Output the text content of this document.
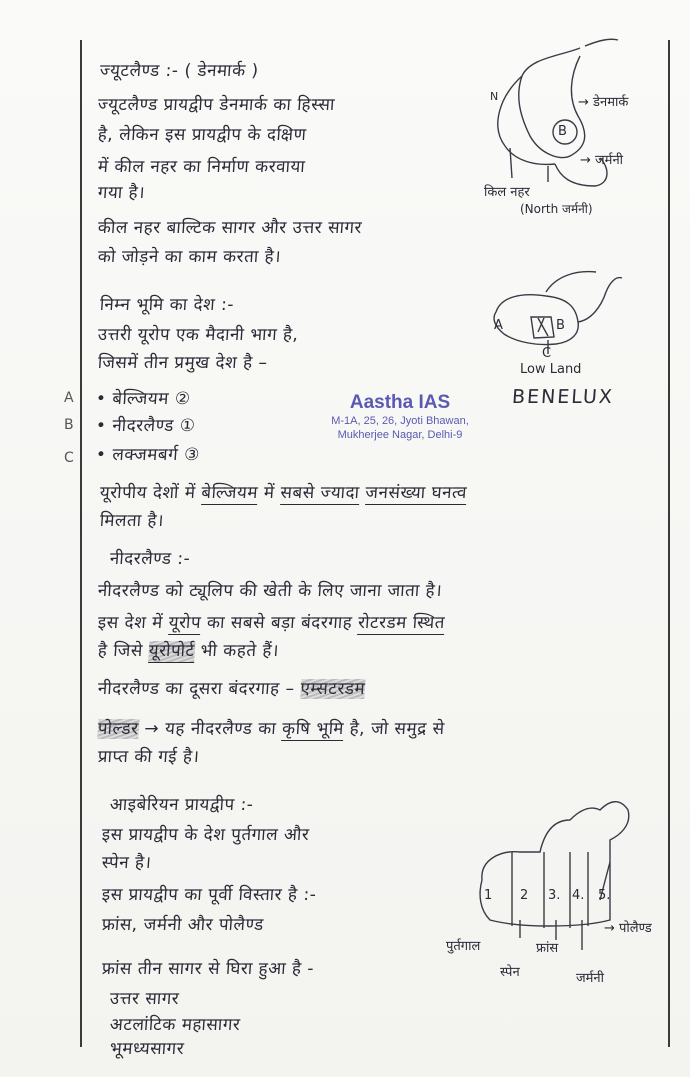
A
B
C
ज्यूटलैण्ड :- ( डेनमार्क )
ज्यूटलैण्ड प्रायद्वीप डेनमार्क का हिस्सा
है, लेकिन इस प्रायद्वीप के दक्षिण
में कील नहर का निर्माण करवाया
गया है।
कील नहर बाल्टिक सागर और उत्तर सागर
को जोड़ने का काम करता है।
N	→ डेनमार्क
B
→ जर्मनी
किल नहर
(North जर्मनी)
निम्न भूमि का देश :-
उत्तरी यूरोप एक मैदानी भाग है,
जिसमें तीन प्रमुख देश है –
• बेल्जियम ②
• नीदरलैण्ड ①
• लक्जमबर्ग ③
Aastha IAS
M-1A, 25, 26, Jyoti Bhawan,
Mukherjee Nagar, Delhi-9
A	B
C
Low Land
BENELUX
यूरोपीय देशों में बेल्जियम में सबसे ज्यादा जनसंख्या घनत्व
मिलता है।
नीदरलैण्ड :-
नीदरलैण्ड को ट्यूलिप की खेती के लिए जाना जाता है।
इस देश में यूरोप का सबसे बड़ा बंदरगाह रोटरडम स्थित
है जिसे यूरोपोर्ट भी कहते हैं।
नीदरलैण्ड का दूसरा बंदरगाह – एम्सटरडम
पोल्डर → यह नीदरलैण्ड का कृषि भूमि है, जो समुद्र से
प्राप्त की गई है।
आइबेरियन प्रायद्वीप :-
इस प्रायद्वीप के देश पुर्तगाल और
स्पेन है।
इस प्रायद्वीप का पूर्वी विस्तार है :-
फ्रांस, जर्मनी और पोलैण्ड
फ्रांस तीन सागर से घिरा हुआ है -
उत्तर सागर
अटलांटिक महासागर
भूमध्यसागर
1 2 3. 4. 5.
पुर्तगाल	फ्रांस
स्पेन	जर्मनी
→ पोलैण्ड
